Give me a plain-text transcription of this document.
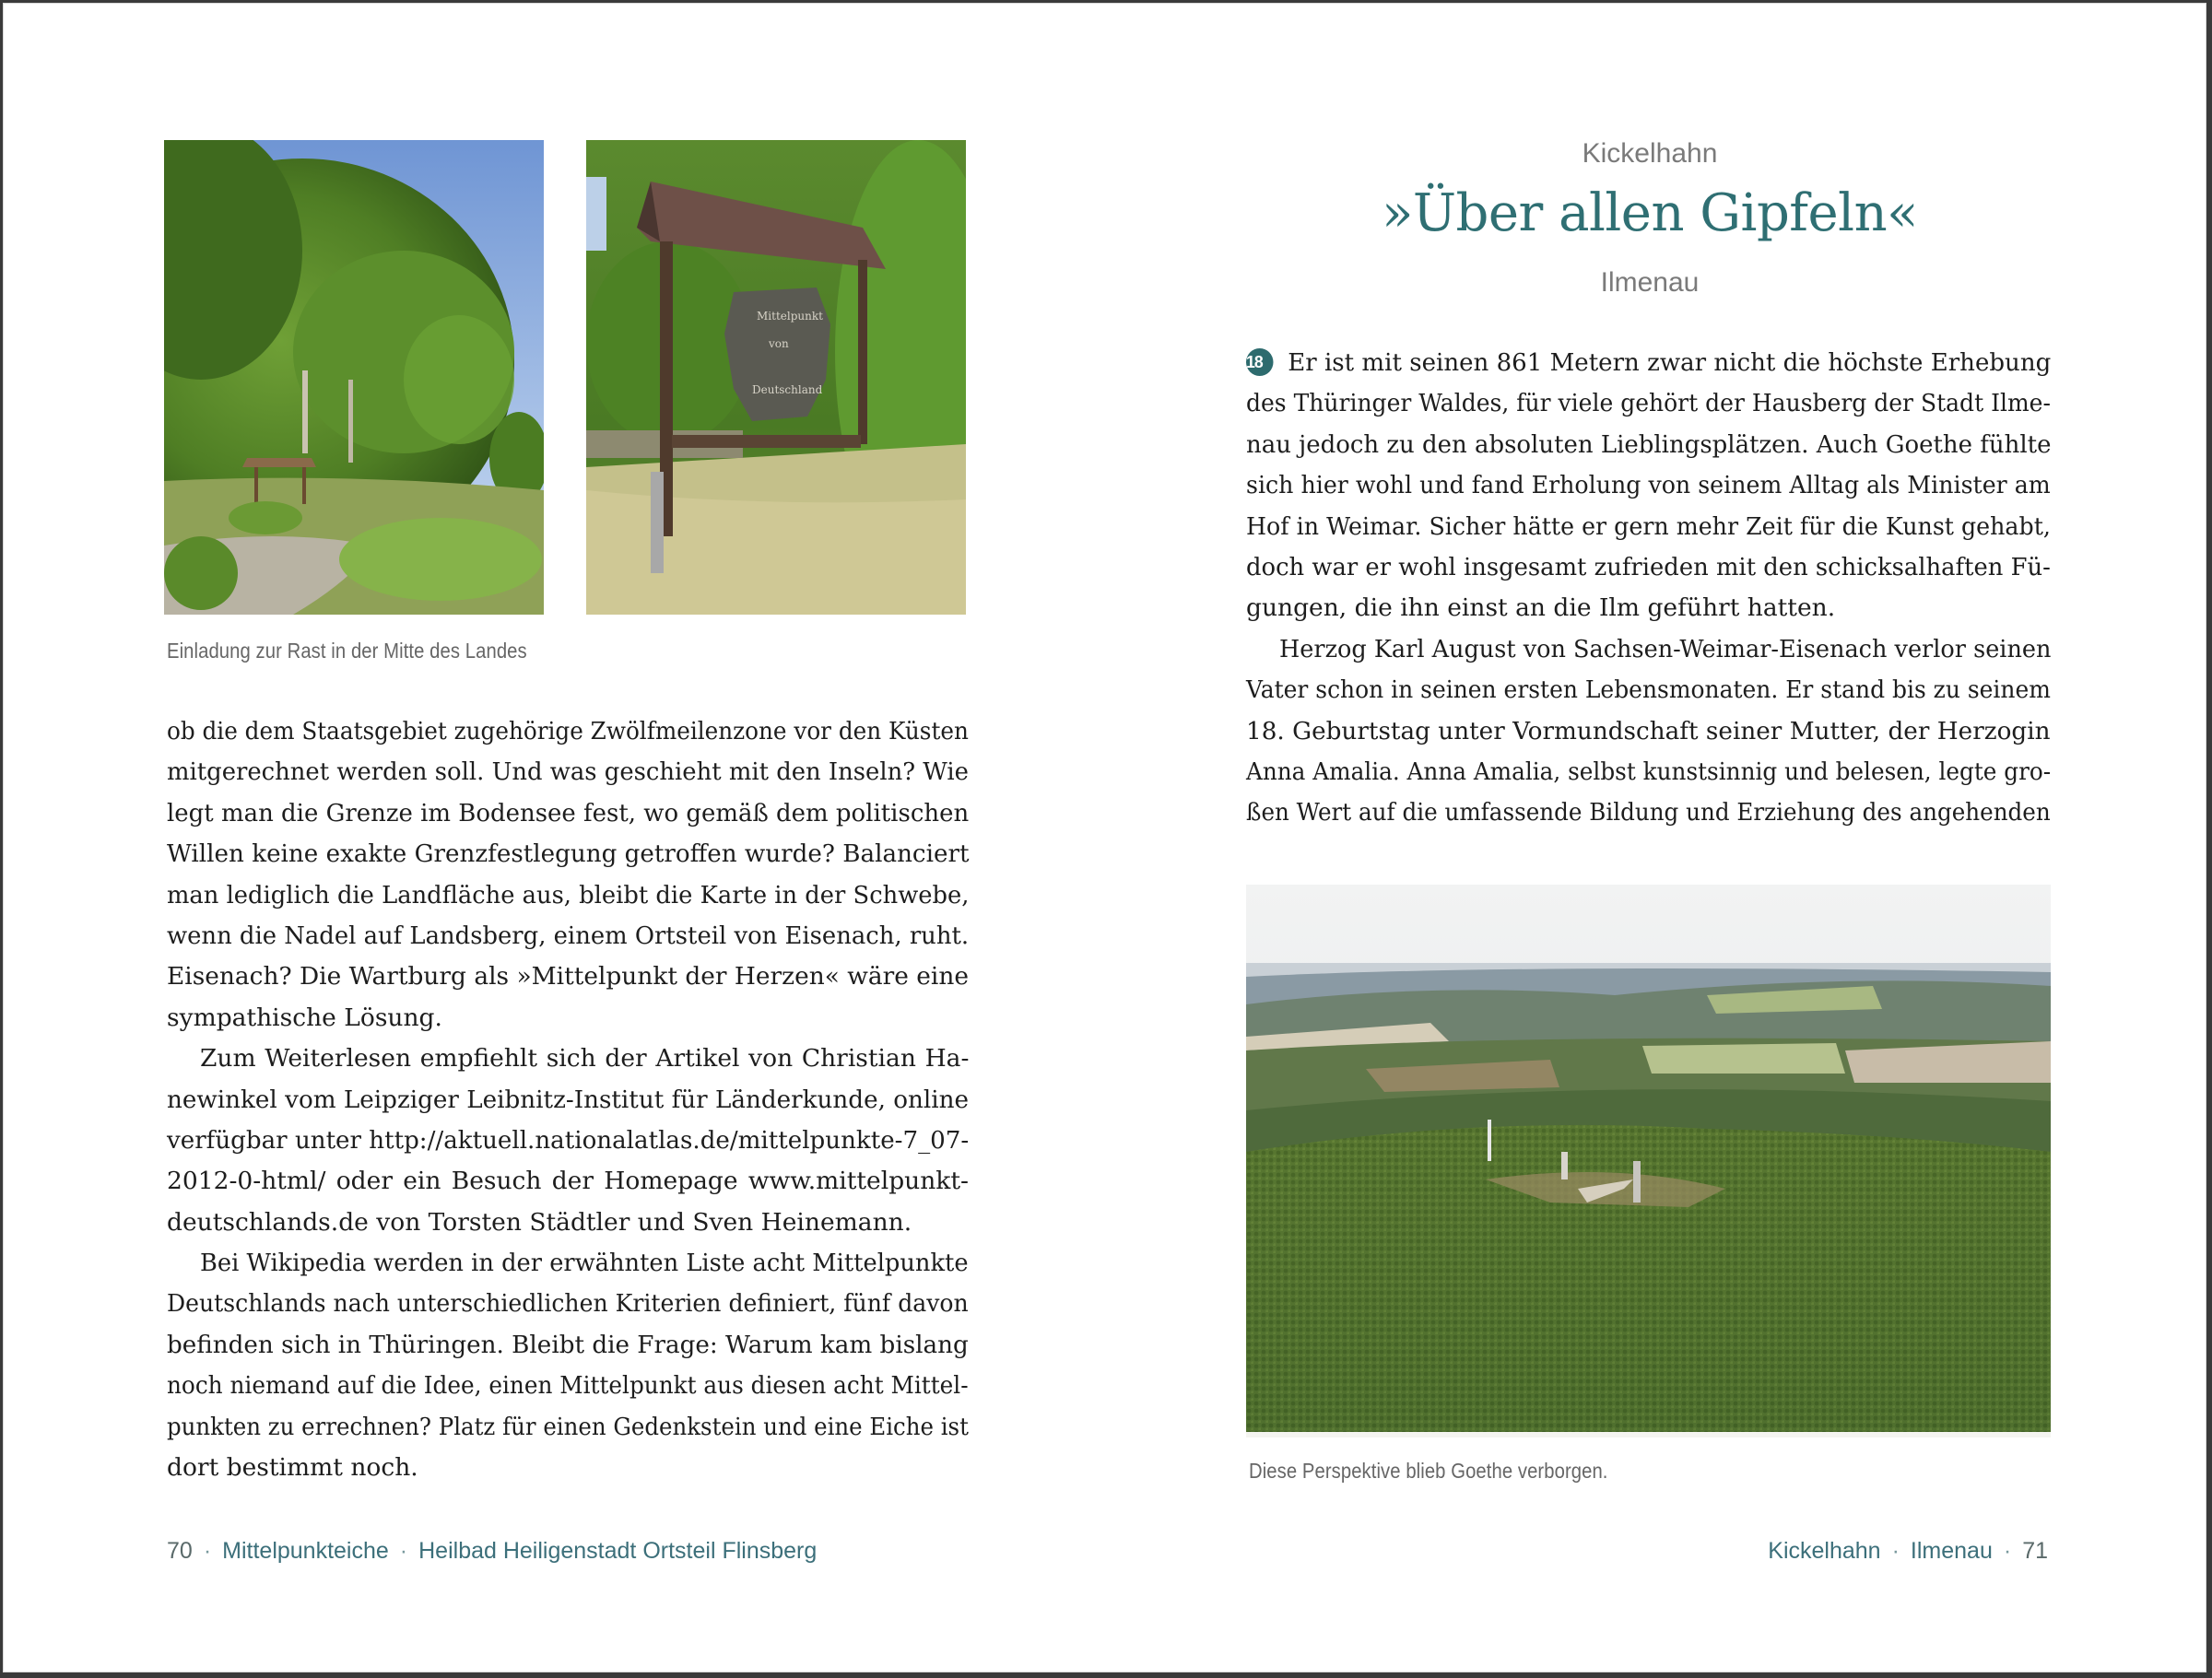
Mittelpunkt
von
Deutschland
Einladung zur Rast in der Mitte des Landes

ob die dem Staatsgebiet zugehörige Zwölfmeilenzone vor den Küsten
mitgerechnet werden soll. Und was geschieht mit den Inseln? Wie
legt man die Grenze im Bodensee fest, wo gemäß dem politischen
Willen keine exakte Grenzfestlegung getroffen wurde? Balanciert
man lediglich die Landfläche aus, bleibt die Karte in der Schwebe,
wenn die Nadel auf Landsberg, einem Ortsteil von Eisenach, ruht.
Eisenach? Die Wartburg als »Mittelpunkt der Herzen« wäre eine
sympathische Lösung.

Zum Weiterlesen empfiehlt sich der Artikel von Christian Ha-
newinkel vom Leipziger Leibnitz-Institut für Länderkunde, online
verfügbar unter http://aktuell.nationalatlas.de/mittelpunkte-7_07-
2012-0-html/ oder ein Besuch der Homepage www.mittelpunkt-
deutschlands.de von Torsten Städtler und Sven Heinemann.

Bei Wikipedia werden in der erwähnten Liste acht Mittelpunkte
Deutschlands nach unterschiedlichen Kriterien definiert, fünf davon
befinden sich in Thüringen. Bleibt die Frage: Warum kam bislang
noch niemand auf die Idee, einen Mittelpunkt aus diesen acht Mittel-
punkten zu errechnen? Platz für einen Gedenkstein und eine Eiche ist
dort bestimmt noch.

70 · Mittelpunkteiche · Heilbad Heiligenstadt Ortsteil Flinsberg
Kickelhahn
»Über allen Gipfeln«
Ilmenau

18 Er ist mit seinen 861 Metern zwar nicht die höchste Erhebung
des Thüringer Waldes, für viele gehört der Hausberg der Stadt Ilme-
nau jedoch zu den absoluten Lieblingsplätzen. Auch Goethe fühlte
sich hier wohl und fand Erholung von seinem Alltag als Minister am
Hof in Weimar. Sicher hätte er gern mehr Zeit für die Kunst gehabt,
doch war er wohl insgesamt zufrieden mit den schicksalhaften Fü-
gungen, die ihn einst an die Ilm geführt hatten.

Herzog Karl August von Sachsen-Weimar-Eisenach verlor seinen
Vater schon in seinen ersten Lebensmonaten. Er stand bis zu seinem
18. Geburtstag unter Vormundschaft seiner Mutter, der Herzogin
Anna Amalia. Anna Amalia, selbst kunstsinnig und belesen, legte gro-
ßen Wert auf die umfassende Bildung und Erziehung des angehenden

Diese Perspektive blieb Goethe verborgen.
Kickelhahn · Ilmenau · 71
